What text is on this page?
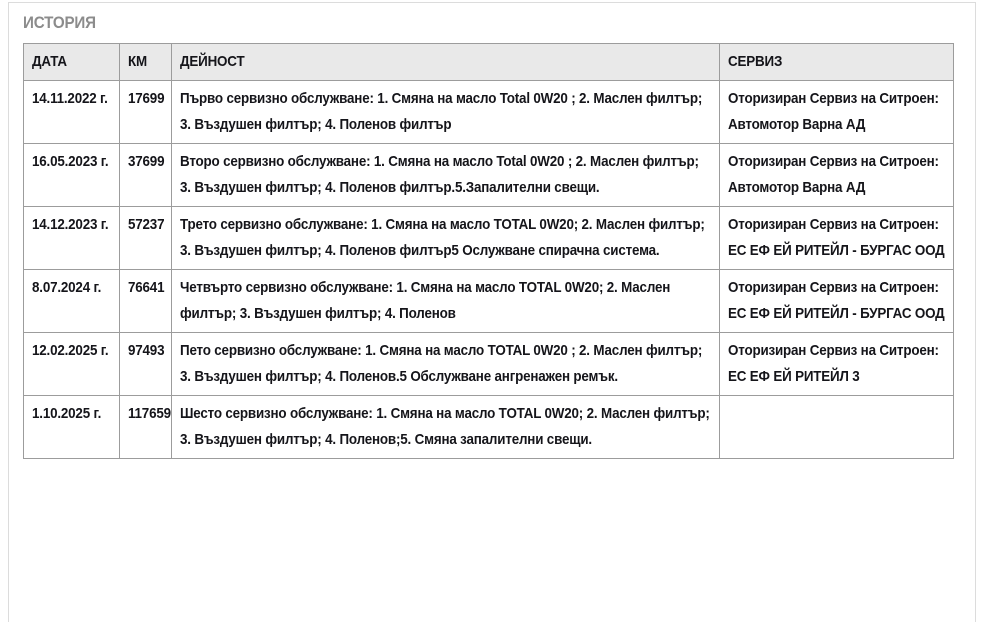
ИСТОРИЯ
ДАТА	КМ	ДЕЙНОСТ	СЕРВИЗ

14.11.2022 г.	17699	Първо сервизно обслужване: 1. Смяна на масло Total 0W20 ; 2. Маслен филтър; 3. Въздушен филтър; 4. Поленов филтър	Оторизиран Сервиз на Ситроен: Автомотор Варна АД

16.05.2023 г.	37699	Второ сервизно обслужване: 1. Смяна на масло Total 0W20 ; 2. Маслен филтър; 3. Въздушен филтър; 4. Поленов филтър.5.Запалителни свещи.	Оторизиран Сервиз на Ситроен: Автомотор Варна АД

14.12.2023 г.	57237	Трето сервизно обслужване: 1. Смяна на масло TOTAL 0W20; 2. Маслен филтър; 3. Въздушен филтър; 4. Поленов филтър5 Ослужване спирачна система.	Оторизиран Сервиз на Ситроен: ЕС ЕФ ЕЙ РИТЕЙЛ - БУРГАС ООД

8.07.2024 г.	76641	Четвърто сервизно обслужване: 1. Смяна на масло TOTAL 0W20; 2. Маслен филтър; 3. Въздушен филтър; 4. Поленов	Оторизиран Сервиз на Ситроен: ЕС ЕФ ЕЙ РИТЕЙЛ - БУРГАС ООД

12.02.2025 г.	97493	Пето сервизно обслужване: 1. Смяна на масло TOTAL 0W20 ; 2. Маслен филтър; 3. Въздушен филтър; 4. Поленов.5 Обслужване ангренажен ремък.	Оторизиран Сервиз на Ситроен: ЕС ЕФ ЕЙ РИТЕЙЛ 3

1.10.2025 г.	117659	Шесто сервизно обслужване: 1. Смяна на масло TOTAL 0W20; 2. Маслен филтър; 3. Въздушен филтър; 4. Поленов;5. Смяна запалителни свещи.	
